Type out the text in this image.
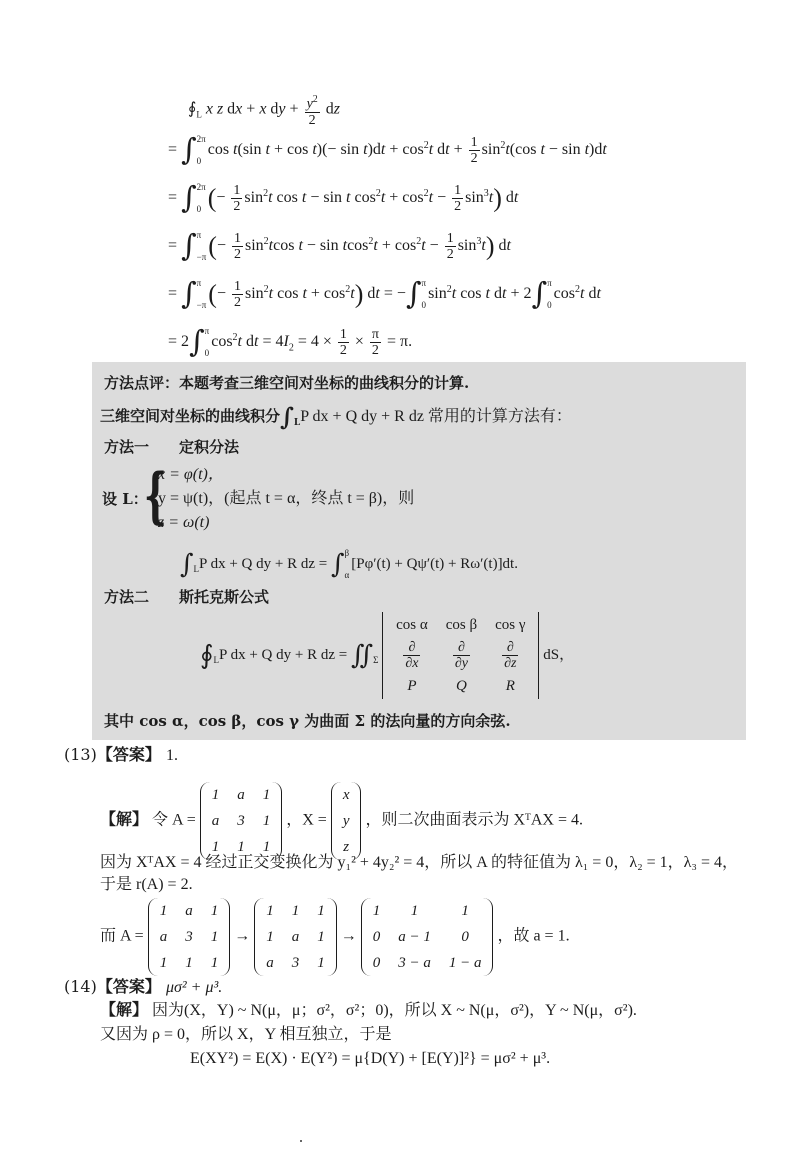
$∮_L$ x z dx + x dy + $\frac{y^2}{2}$ dz
= ∫2π

0cos t(sin $t + \cos t)(- \sin t)dt + \cos^2t$ dt + $\frac{1}{2} \sin^2t(\cos$ t − sin t)dt
= ∫2π

0 (− $\frac{1}{2} \sin^2t$ cos t − sin t $\cos^2t + \cos^2t - \frac{1}{2} \sin^3t$) dt
= ∫π

$-\pi(- \frac{1}{2} \sin^2tcos$ $t - \sin tcos^2t + \cos^2t - \frac{1}{2} \sin^3t$) dt
= ∫π

$-\pi(- \frac{1}{2} \sin^2t$ $\cos t + \cos^2t$) dt = −∫π

$0\sin^2t$ cos t dt + 2∫π

$0\cos^2t$ dt
= 2∫π

$0\cos^2t$ dt = $4I_2 = 4 \times \frac{1}{2} \times \frac{\pi}{2} = \pi$.
方法点评：本题考查三维空间对坐标的曲线积分的计算.
三维空间对坐标的曲线积分$\int_LP$ dx + Q dy + R dz 常用的计算方法有：
方法一　　定积分法
设 L：
{
x = φ(t)，
y = ψ(t)，(起点 t = α，终点 t = β)，则
z = ω(t)
$\int_LP$ dx + Q dy + R dz = ∫β

α[Pφ′(t) + Qψ′(t) + Rω′(t)]dt.
方法二　　斯托克斯公式
$∮_LP$ dx + Q dy + R dz = $∬_\Sigma$
cos α	cos β	cos γ

$\frac{\partial}{\partial x}$	$\frac{\partial}{\partial y}$	$\frac{\partial}{\partial z}$

P	Q	R
dS，
其中 cos α，cos β，cos γ 为曲面 Σ 的法向量的方向余弦.
(13)【答案】 1.
【解】 令 A =
1	a	1
a	3	1
1	1	1
，X =
x
y
z
，则二次曲面表示为 XᵀAX = 4.
因为 XᵀAX = 4 经过正交变换化为 y₁² + 4y₂² = 4，所以 A 的特征值为 λ₁ = 0，λ₂ = 1，λ₃ = 4，
于是 r(A) = 2.
而 A =
1	a	1
a	3	1
1	1	1
→
1	1	1
1	a	1
a	3	1
→
1	1	1
0	a − 1	0
0	3 − a	1 − a
，故 a = 1.
(14)【答案】 μσ² + μ³.
【解】 因为(X，Y) ~ N(μ，μ；σ²，σ²；0)，所以 X ~ N(μ，σ²)，Y ~ N(μ，σ²).
又因为 ρ = 0，所以 X，Y 相互独立，于是
E(XY²) = E(X) · E(Y²) = μ{D(Y) + [E(Y)]²} = μσ² + μ³.
